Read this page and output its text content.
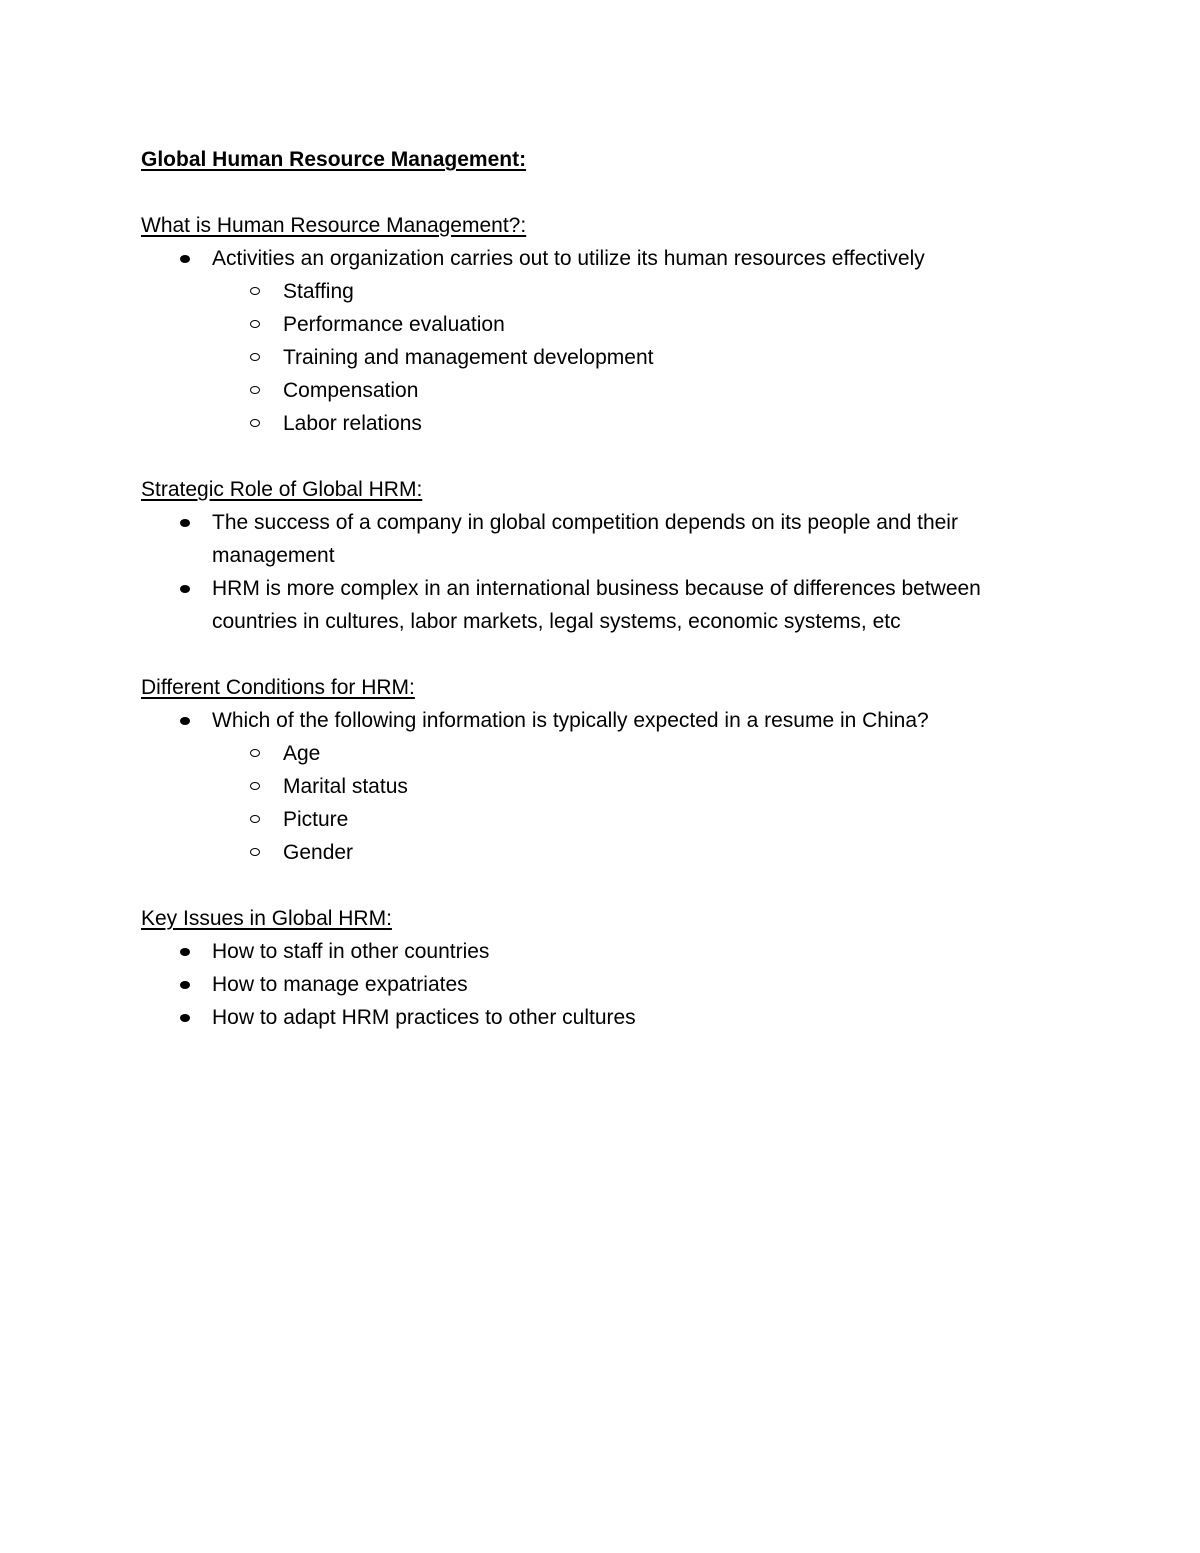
Global Human Resource Management:

What is Human Resource Management?:

Activities an organization carries out to utilize its human resources effectively
Staffing
Performance evaluation
Training and management development
Compensation
Labor relations

Strategic Role of Global HRM:

The success of a company in global competition depends on its people and their management
HRM is more complex in an international business because of differences between countries in cultures, labor markets, legal systems, economic systems, etc

Different Conditions for HRM:

Which of the following information is typically expected in a resume in China?
Age
Marital status
Picture
Gender

Key Issues in Global HRM:

How to staff in other countries
How to manage expatriates
How to adapt HRM practices to other cultures
